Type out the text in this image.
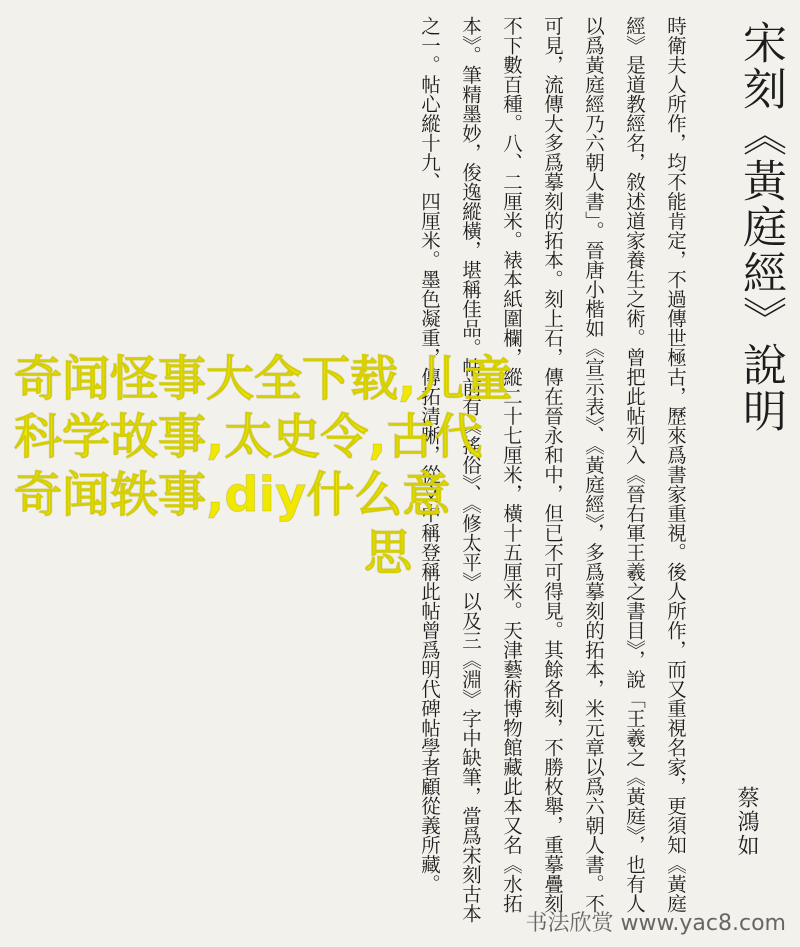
宋刻《黃庭經》說明
時衛夫人所作，均不能肯定，不過傳世極古，歷來爲書家重視。後人所作，而又重視名家，更須知《黃庭經》是道教經名，敘述道家養生之術。曾把此帖列入《晉右軍王羲之書目》，說「王羲之《黃庭》，也有人以爲黃庭經乃六朝人書」。晉唐小楷如《宣示表》、《黃庭經》，多爲摹刻的拓本，米元章以爲六朝人書。不可見，流傳大多爲摹刻的拓本。刻上石，傳在晉永和中，但已不可得見。其餘各刻，不勝枚舉，重摹疊刻不下數百種。八、二厘米。裱本紙圍欄，縱二十七厘米，橫十五厘米。天津藝術博物館藏此本又名《水拓本》。筆精墨妙，俊逸縱橫，堪稱佳品。帖前有《搖俗》、《修太平》以及三《淵》字中缺筆，當爲宋刻古本之一。帖心縱十九、四厘米。墨色凝重，傳拓清晰，從文中稱登稱此帖曾爲明代碑帖學者顧從義所藏。	蔡鴻如
奇闻怪事大全下载,儿童
科学故事,太史令,古代
奇闻轶事,diy什么意
思
书法欣赏 www.yac8.com
